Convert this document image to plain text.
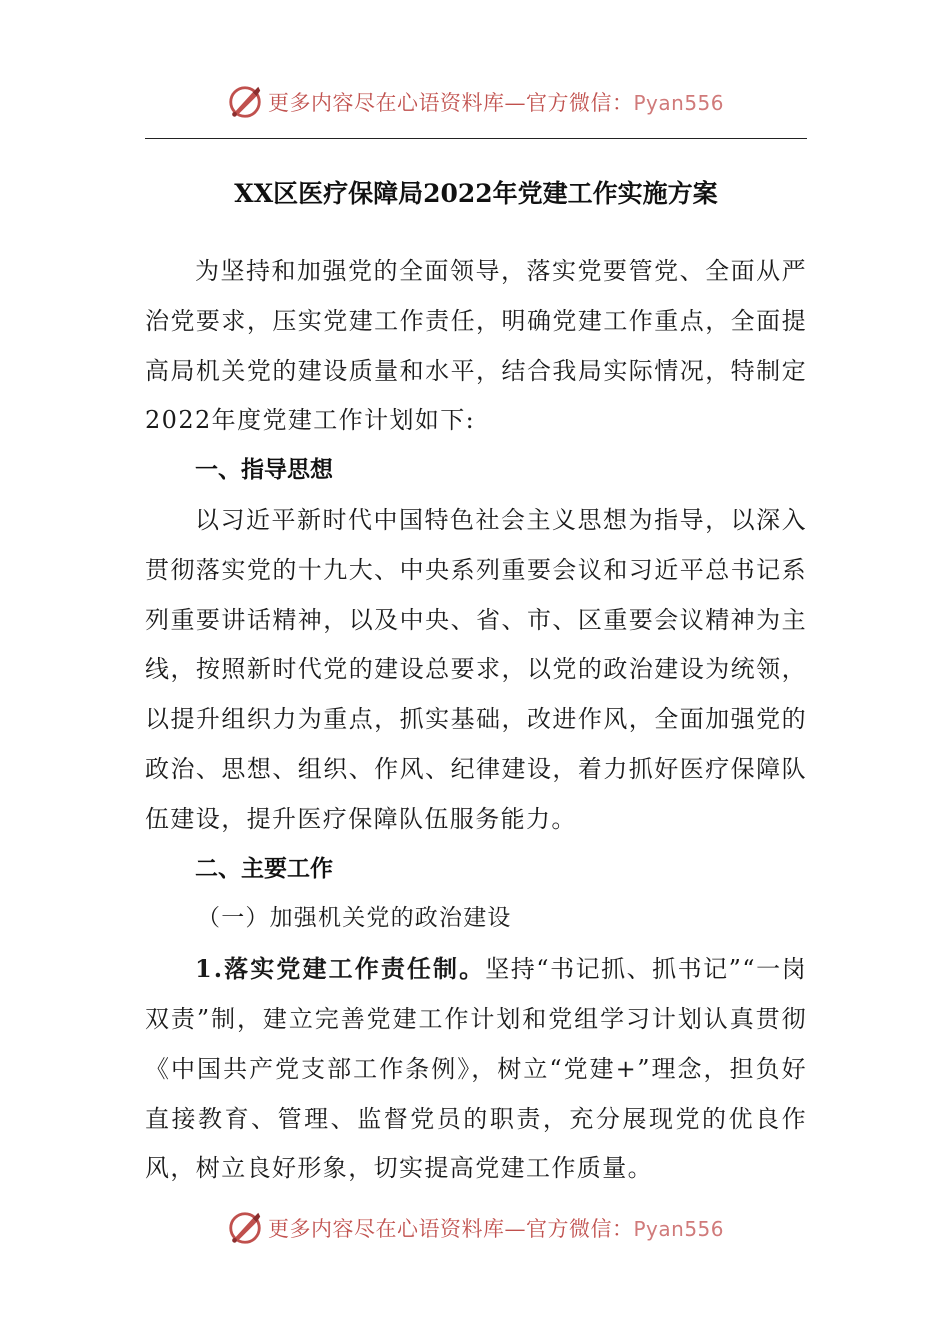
更多内容尽在心语资料库—官方微信：Pyan556
XX区医疗保障局2022年党建工作实施方案

为坚持和加强党的全面领导，落实党要管党、全面从严治党要求，压实党建工作责任，明确党建工作重点，全面提高局机关党的建设质量和水平，结合我局实际情况，特制定2022年度党建工作计划如下:

一、指导思想

以习近平新时代中国特色社会主义思想为指导，以深入贯彻落实党的十九大、中央系列重要会议和习近平总书记系列重要讲话精神，以及中央、省、市、区重要会议精神为主线，按照新时代党的建设总要求，以党的政治建设为统领，以提升组织力为重点，抓实基础，改进作风，全面加强党的政治、思想、组织、作风、纪律建设，着力抓好医疗保障队伍建设，提升医疗保障队伍服务能力。

二、主要工作

（一）加强机关党的政治建设

1.落实党建工作责任制。坚持“书记抓、抓书记”“一岗双责”制，建立完善党建工作计划和党组学习计划认真贯彻《中国共产党支部工作条例》，树立“党建+”理念，担负好直接教育、管理、监督党员的职责，充分展现党的优良作风，树立良好形象，切实提高党建工作质量。

更多内容尽在心语资料库—官方微信：Pyan556
